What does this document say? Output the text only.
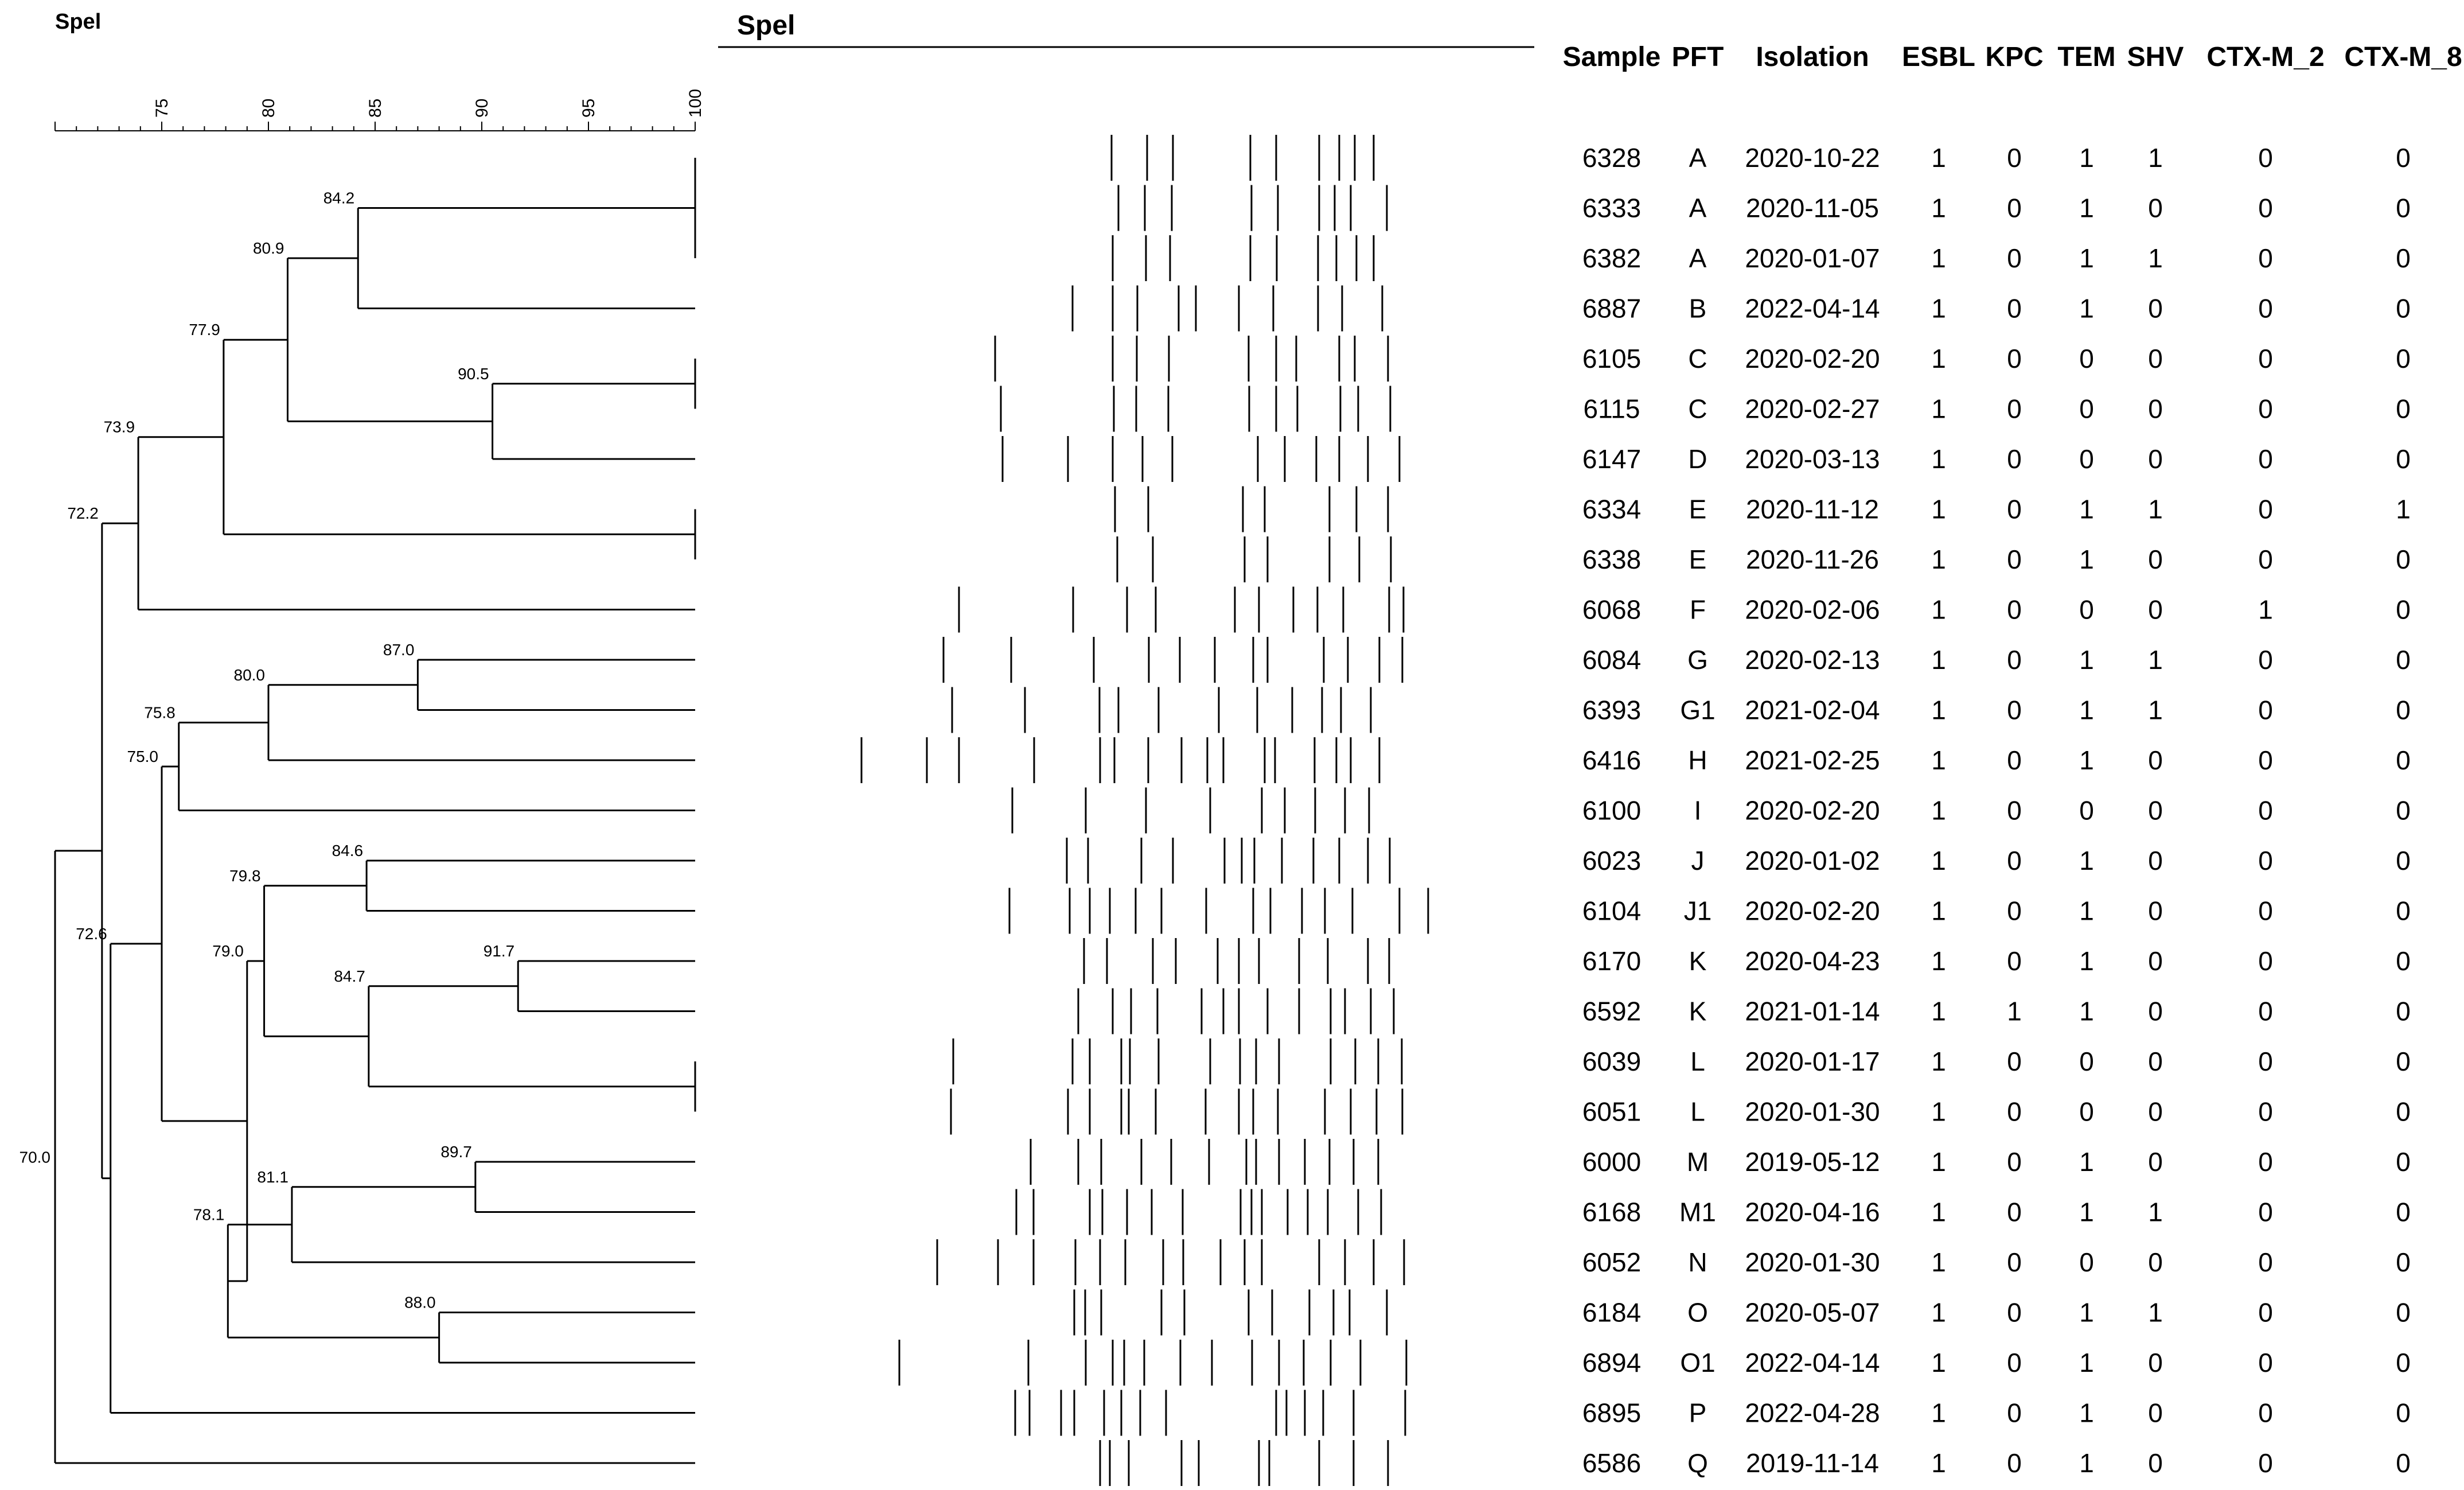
Spel
75	80	85	90	95	100
84.2
90.5
80.9
77.9
73.9
87.0
80.0
75.8
84.6
91.7
84.7
79.8
89.7
81.1
88.0
78.1
79.0
75.0
72.6
72.2
70.0
Spel
Sample PFT Isolation ESBL KPC TEM SHV CTX-M_2 CTX-M_8
6328 A 2020-10-22 1 0 1 1	0	0
6333 A 2020-11-05 1 0 1 0	0	0
6382 A 2020-01-07 1 0 1 1	0	0
6887 B 2022-04-14 1 0 1 0	0	0
6105 C 2020-02-20 1 0 0 0	0	0
6115 C 2020-02-27 1 0 0 0	0	0
6147 D 2020-03-13 1 0 0 0	0	0
6334 E 2020-11-12 1 0 1 1	0	1
6338 E 2020-11-26 1 0 1 0	0	0
6068 F 2020-02-06 1 0 0 0	1	0
6084 G 2020-02-13 1 0 1 1	0	0
6393 G1 2021-02-04 1 0 1 1	0	0
6416 H 2021-02-25 1 0 1 0	0	0
6100 I 2020-02-20 1 0 0 0	0	0
6023 J 2020-01-02 1 0 1 0	0	0
6104 J1 2020-02-20 1 0 1 0	0	0
6170 K 2020-04-23 1 0 1 0	0	0
6592 K 2021-01-14 1 1 1 0	0	0
6039 L 2020-01-17 1 0 0 0	0	0
6051 L 2020-01-30 1 0 0 0	0	0
6000 M 2019-05-12 1 0 1 0	0	0
6168 M1 2020-04-16 1 0 1 1	0	0
6052 N 2020-01-30 1 0 0 0	0	0
6184 O 2020-05-07 1 0 1 1	0	0
6894 O1 2022-04-14 1 0 1 0	0	0
6895 P 2022-04-28 1 0 1 0	0	0
6586 Q 2019-11-14 1 0 1 0	0	0
